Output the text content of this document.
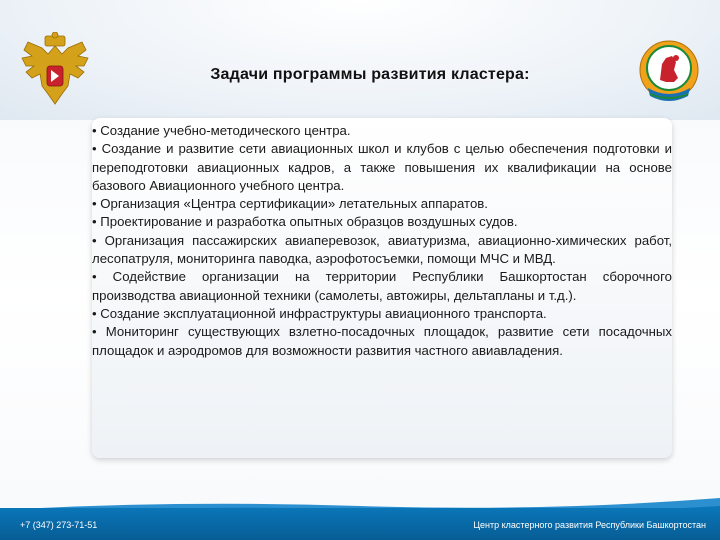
Задачи программы развития кластера:

• Создание учебно-методического центра.

• Создание и развитие сети авиационных школ и клубов с целью обеспечения подготовки и переподготовки авиационных кадров, а также повышения их квалификации на основе базового Авиационного учебного центра.

• Организация «Центра сертификации» летательных аппаратов.

• Проектирование и разработка опытных образцов воздушных судов.

• Организация пассажирских авиаперевозок, авиатуризма, авиационно-химических работ, лесопатруля, мониторинга паводка, аэрофотосъемки, помощи МЧС и МВД.

• Содействие организации на территории Республики Башкортостан сборочного производства авиационной техники (самолеты, автожиры, дельтапланы и т.д.).

• Создание эксплуатационной инфраструктуры авиационного транспорта.

• Мониторинг существующих взлетно-посадочных площадок, развитие сети посадочных площадок и аэродромов для возможности развития частного авиавладения.

+7 (347) 273-71-51	Центр кластерного развития Республики Башкортостан
